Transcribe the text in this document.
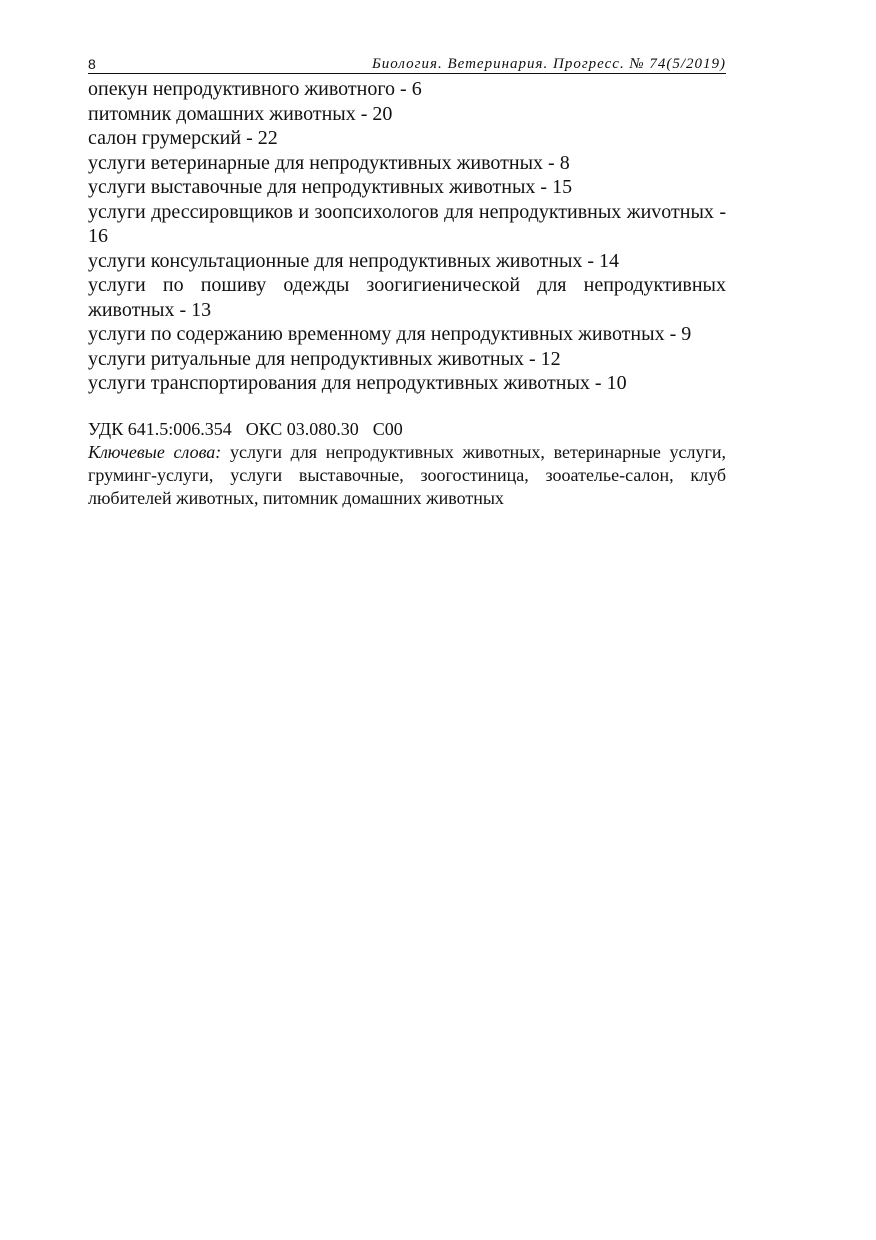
8	Биология. Ветеринария. Прогресс. № 74(5/2019)
опекун непродуктивного животного - 6
питомник домашних животных - 20
салон грумерский - 22
услуги ветеринарные для непродуктивных животных - 8
услуги выставочные для непродуктивных животных - 15
услуги дрессировщиков и зоопсихологов для непродуктивных жиvотных - 16
услуги консультационные для непродуктивных животных - 14
услуги по пошиву одежды зоогигиенической для непродуктивных животных - 13
услуги по содержанию временному для непродуктивных животных - 9
услуги ритуальные для непродуктивных животных - 12
услуги транспортирования для непродуктивных животных - 10
УДК 641.5:006.354 ОКС 03.080.30 С00
Ключевые слова: услуги для непродуктивных животных, ветеринарные услуги, груминг-услуги, услуги выставочные, зоогостиница, зооателье-салон, клуб любителей животных, питомник домашних животных
